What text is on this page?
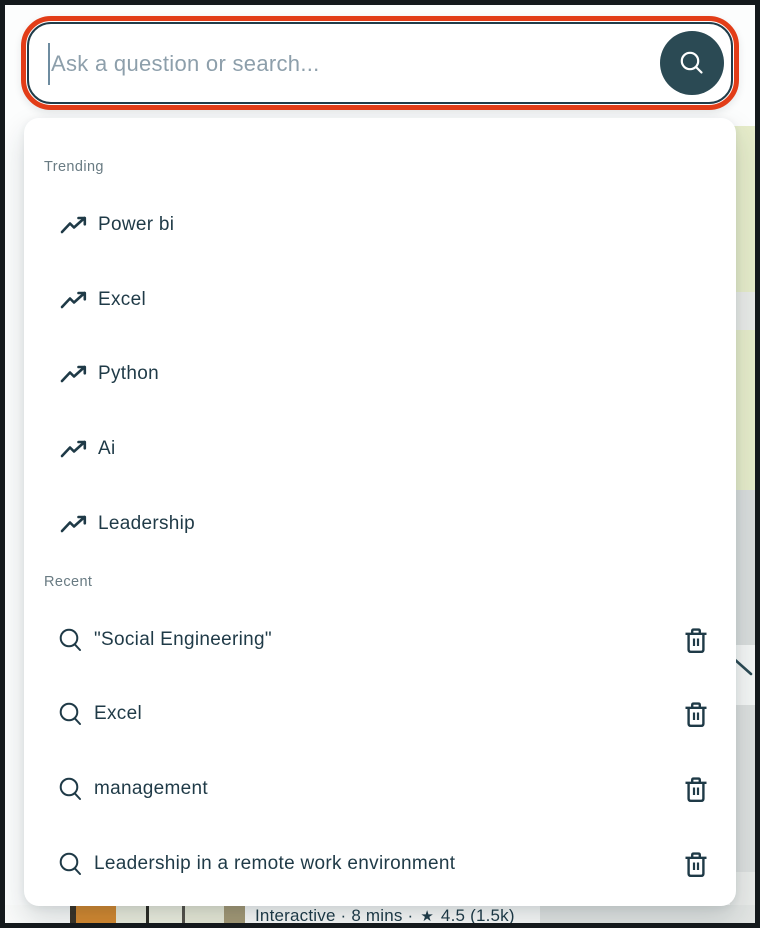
Interactive · 8 mins · ★ 4.5 (1.5k)
Ask a question or search...
Trending
Power bi
Excel
Python
Ai
Leadership
Recent
"Social Engineering"
Excel
management
Leadership in a remote work environment
